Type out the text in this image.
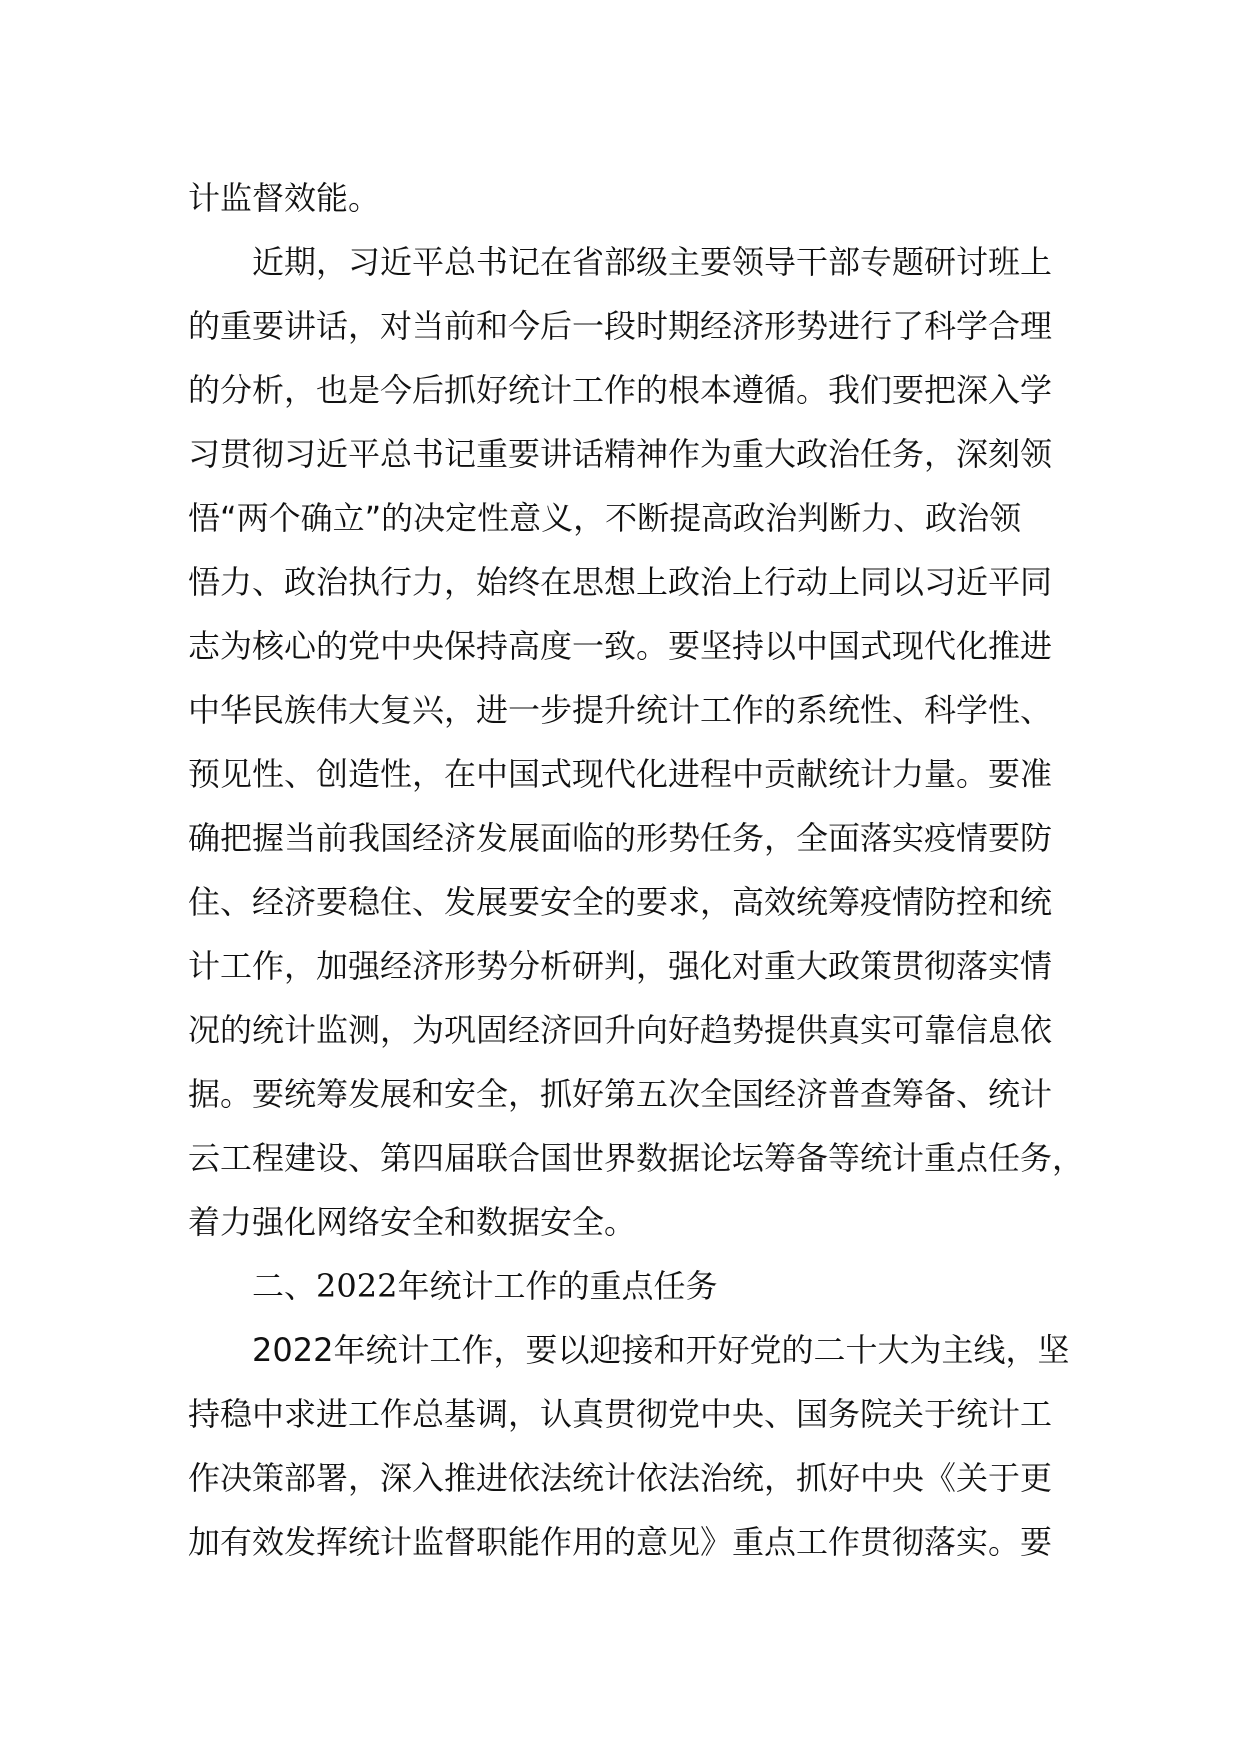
计监督效能。
近期，习近平总书记在省部级主要领导干部专题研讨班上
的重要讲话，对当前和今后一段时期经济形势进行了科学合理
的分析，也是今后抓好统计工作的根本遵循。我们要把深入学
习贯彻习近平总书记重要讲话精神作为重大政治任务，深刻领
悟“两个确立”的决定性意义，不断提高政治判断力、政治领
悟力、政治执行力，始终在思想上政治上行动上同以习近平同
志为核心的党中央保持高度一致。要坚持以中国式现代化推进
中华民族伟大复兴，进一步提升统计工作的系统性、科学性、
预见性、创造性，在中国式现代化进程中贡献统计力量。要准
确把握当前我国经济发展面临的形势任务，全面落实疫情要防
住、经济要稳住、发展要安全的要求，高效统筹疫情防控和统
计工作，加强经济形势分析研判，强化对重大政策贯彻落实情
况的统计监测，为巩固经济回升向好趋势提供真实可靠信息依
据。要统筹发展和安全，抓好第五次全国经济普查筹备、统计
云工程建设、第四届联合国世界数据论坛筹备等统计重点任务，
着力强化网络安全和数据安全。
二、2022年统计工作的重点任务
2022年统计工作，要以迎接和开好党的二十大为主线，坚
持稳中求进工作总基调，认真贯彻党中央、国务院关于统计工
作决策部署，深入推进依法统计依法治统，抓好中央《关于更
加有效发挥统计监督职能作用的意见》重点工作贯彻落实。要
